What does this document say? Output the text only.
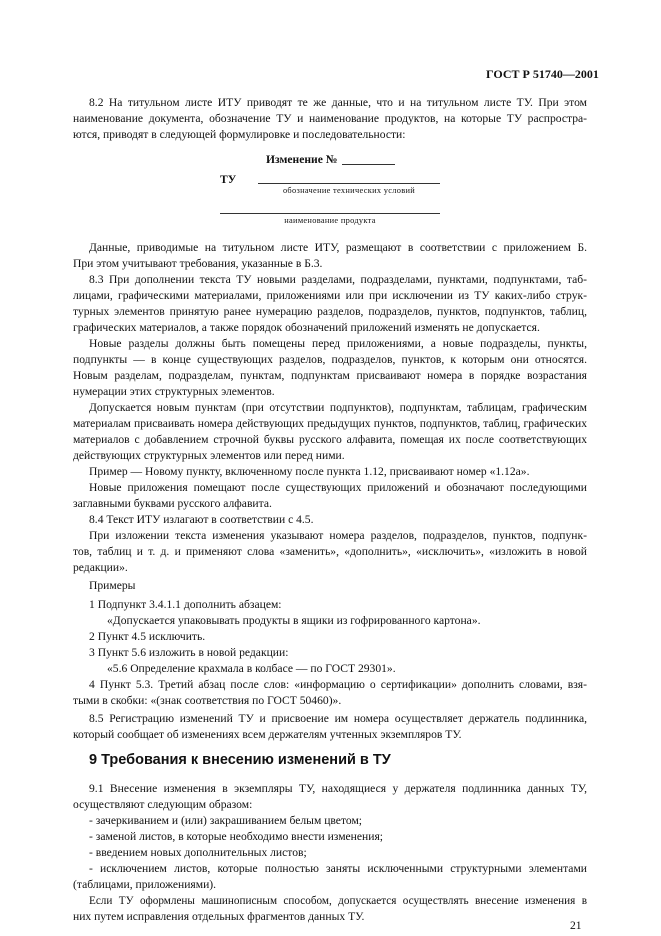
ГОСТ Р 51740—2001
8.2 На титульном листе ИТУ приводят те же данные, что и на титульном листе ТУ. При этом
наименование документа, обозначение ТУ и наименование продуктов, на которые ТУ распростра-
ются, приводят в следующей формулировке и последовательности:
Изменение №
ТУ
обозначение технических условий
наименование продукта
Данные, приводимые на титульном листе ИТУ, размещают в соответствии с приложением Б.
При этом учитывают требования, указанные в Б.3.
8.3 При дополнении текста ТУ новыми разделами, подразделами, пунктами, подпунктами, таб-
лицами, графическими материалами, приложениями или при исключении из ТУ каких-либо струк-
турных элементов принятую ранее нумерацию разделов, подразделов, пунктов, подпунктов, таблиц,
графических материалов, а также порядок обозначений приложений изменять не допускается.
Новые разделы должны быть помещены перед приложениями, а новые подразделы, пункты,
подпункты — в конце существующих разделов, подразделов, пунктов, к которым они относятся.
Новым разделам, подразделам, пунктам, подпунктам присваивают номера в порядке возрастания
нумерации этих структурных элементов.
Допускается новым пунктам (при отсутствии подпунктов), подпунктам, таблицам, графическим
материалам присваивать номера действующих предыдущих пунктов, подпунктов, таблиц, графических
материалов с добавлением строчной буквы русского алфавита, помещая их после соответствующих
действующих структурных элементов или перед ними.
Пример — Новому пункту, включенному после пункта 1.12, присваивают номер «1.12а».
Новые приложения помещают после существующих приложений и обозначают последующими
заглавными буквами русского алфавита.
8.4 Текст ИТУ излагают в соответствии с 4.5.
При изложении текста изменения указывают номера разделов, подразделов, пунктов, подпунк-
тов, таблиц и т. д. и применяют слова «заменить», «дополнить», «исключить», «изложить в новой
редакции».
Примеры
1 Подпункт 3.4.1.1 дополнить абзацем:
«Допускается упаковывать продукты в ящики из гофрированного картона».
2 Пункт 4.5 исключить.
3 Пункт 5.6 изложить в новой редакции:
«5.6 Определение крахмала в колбасе — по ГОСТ 29301».
4 Пункт 5.3. Третий абзац после слов: «информацию о сертификации» дополнить словами, взя-
тыми в скобки: «(знак соответствия по ГОСТ 50460)».
8.5 Регистрацию изменений ТУ и присвоение им номера осуществляет держатель подлинника,
который сообщает об изменениях всем держателям учтенных экземпляров ТУ.
9 Требования к внесению изменений в ТУ
9.1 Внесение изменения в экземпляры ТУ, находящиеся у держателя подлинника данных ТУ,
осуществляют следующим образом:
- зачеркиванием и (или) закрашиванием белым цветом;
- заменой листов, в которые необходимо внести изменения;
- введением новых дополнительных листов;
- исключением листов, которые полностью заняты исключенными структурными элементами
(таблицами, приложениями).
Если ТУ оформлены машинописным способом, допускается осуществлять внесение изменения в
них путем исправления отдельных фрагментов данных ТУ.
21
